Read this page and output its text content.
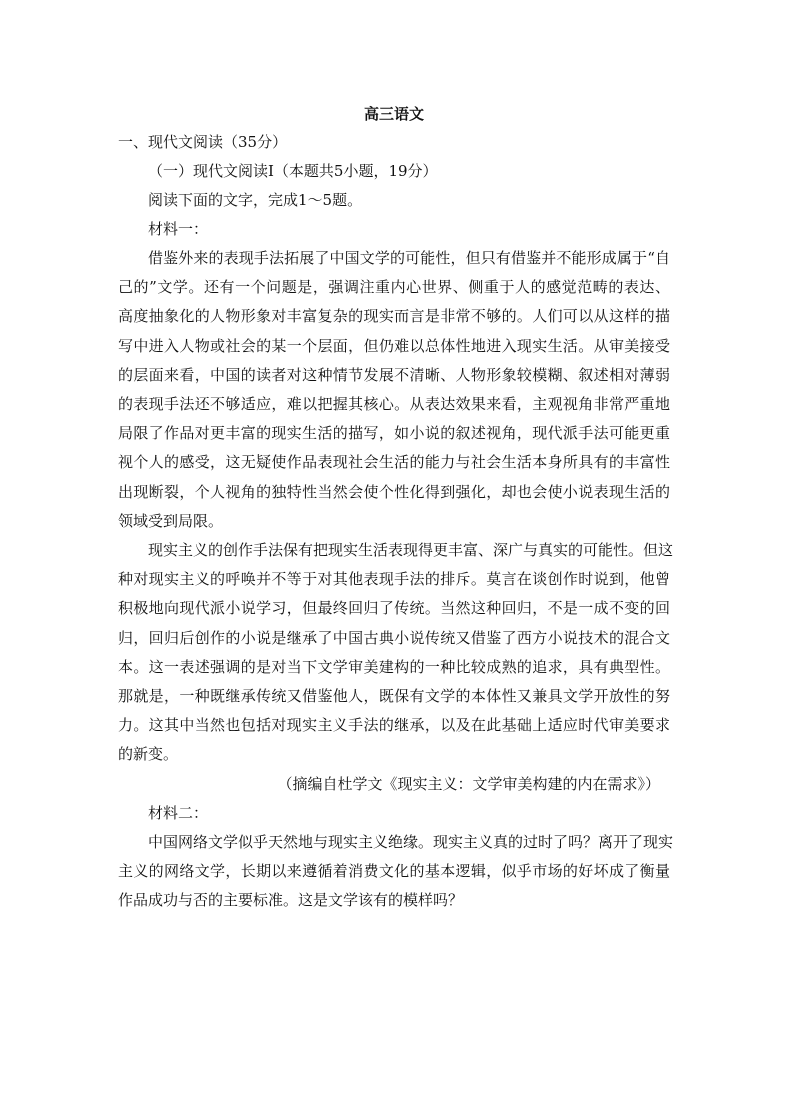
高三语文
一、现代文阅读（35分）
（一）现代文阅读Ⅰ（本题共5小题，19分）
阅读下面的文字，完成1～5题。
材料一：
借鉴外来的表现手法拓展了中国文学的可能性，但只有借鉴并不能形成属于“自
己的”文学。还有一个问题是，强调注重内心世界、侧重于人的感觉范畴的表达、
高度抽象化的人物形象对丰富复杂的现实而言是非常不够的。人们可以从这样的描
写中进入人物或社会的某一个层面，但仍难以总体性地进入现实生活。从审美接受
的层面来看，中国的读者对这种情节发展不清晰、人物形象较模糊、叙述相对薄弱
的表现手法还不够适应，难以把握其核心。从表达效果来看，主观视角非常严重地
局限了作品对更丰富的现实生活的描写，如小说的叙述视角，现代派手法可能更重
视个人的感受，这无疑使作品表现社会生活的能力与社会生活本身所具有的丰富性
出现断裂，个人视角的独特性当然会使个性化得到强化，却也会使小说表现生活的
领域受到局限。
现实主义的创作手法保有把现实生活表现得更丰富、深广与真实的可能性。但这
种对现实主义的呼唤并不等于对其他表现手法的排斥。莫言在谈创作时说到，他曾
积极地向现代派小说学习，但最终回归了传统。当然这种回归，不是一成不变的回
归，回归后创作的小说是继承了中国古典小说传统又借鉴了西方小说技术的混合文
本。这一表述强调的是对当下文学审美建构的一种比较成熟的追求，具有典型性。
那就是，一种既继承传统又借鉴他人，既保有文学的本体性又兼具文学开放性的努
力。这其中当然也包括对现实主义手法的继承，以及在此基础上适应时代审美要求
的新变。
（摘编自杜学文《现实主义：文学审美构建的内在需求》）
材料二：
中国网络文学似乎天然地与现实主义绝缘。现实主义真的过时了吗？离开了现实
主义的网络文学，长期以来遵循着消费文化的基本逻辑，似乎市场的好坏成了衡量
作品成功与否的主要标准。这是文学该有的模样吗？
